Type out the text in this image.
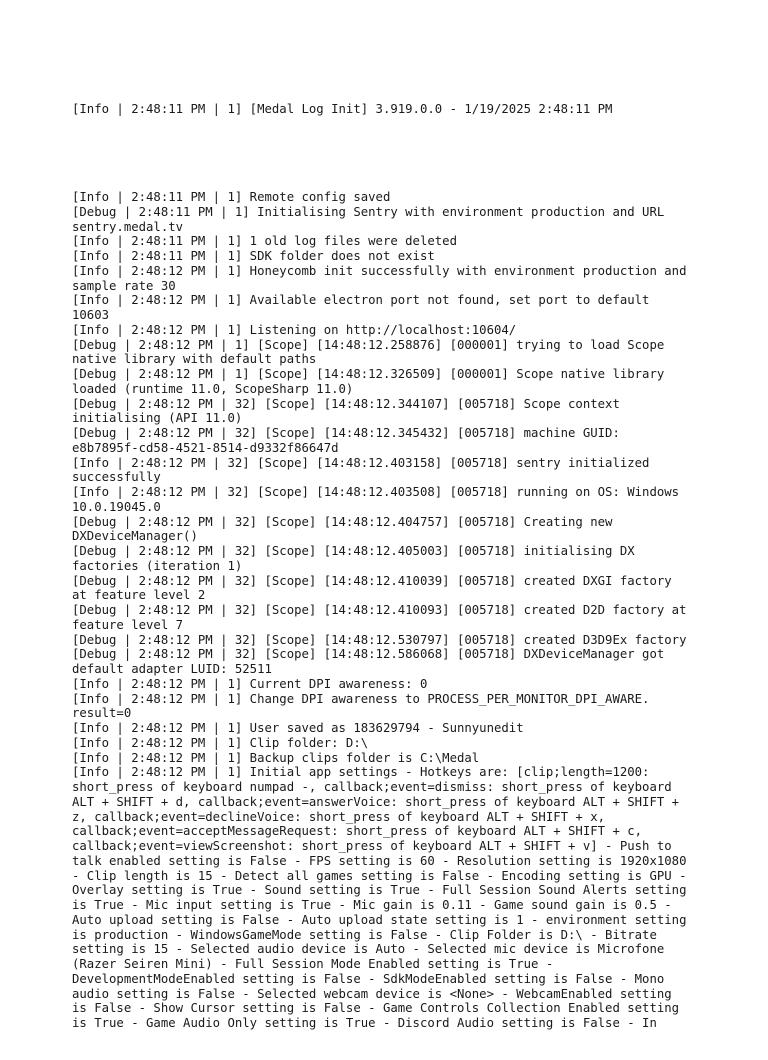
[Info | 2:48:11 PM | 1] [Medal Log Init] 3.919.0.0 - 1/19/2025 2:48:11 PM

[Info | 2:48:11 PM | 1] Remote config saved
[Debug | 2:48:11 PM | 1] Initialising Sentry with environment production and URL
sentry.medal.tv
[Info | 2:48:11 PM | 1] 1 old log files were deleted
[Info | 2:48:11 PM | 1] SDK folder does not exist
[Info | 2:48:12 PM | 1] Honeycomb init successfully with environment production and
sample rate 30
[Info | 2:48:12 PM | 1] Available electron port not found, set port to default
10603
[Info | 2:48:12 PM | 1] Listening on http://localhost:10604/
[Debug | 2:48:12 PM | 1] [Scope] [14:48:12.258876] [000001] trying to load Scope
native library with default paths
[Debug | 2:48:12 PM | 1] [Scope] [14:48:12.326509] [000001] Scope native library
loaded (runtime 11.0, ScopeSharp 11.0)
[Debug | 2:48:12 PM | 32] [Scope] [14:48:12.344107] [005718] Scope context
initialising (API 11.0)
[Debug | 2:48:12 PM | 32] [Scope] [14:48:12.345432] [005718] machine GUID:
e8b7895f-cd58-4521-8514-d9332f86647d
[Info | 2:48:12 PM | 32] [Scope] [14:48:12.403158] [005718] sentry initialized
successfully
[Info | 2:48:12 PM | 32] [Scope] [14:48:12.403508] [005718] running on OS: Windows
10.0.19045.0
[Debug | 2:48:12 PM | 32] [Scope] [14:48:12.404757] [005718] Creating new
DXDeviceManager()
[Debug | 2:48:12 PM | 32] [Scope] [14:48:12.405003] [005718] initialising DX
factories (iteration 1)
[Debug | 2:48:12 PM | 32] [Scope] [14:48:12.410039] [005718] created DXGI factory
at feature level 2
[Debug | 2:48:12 PM | 32] [Scope] [14:48:12.410093] [005718] created D2D factory at
feature level 7
[Debug | 2:48:12 PM | 32] [Scope] [14:48:12.530797] [005718] created D3D9Ex factory
[Debug | 2:48:12 PM | 32] [Scope] [14:48:12.586068] [005718] DXDeviceManager got
default adapter LUID: 52511
[Info | 2:48:12 PM | 1] Current DPI awareness: 0
[Info | 2:48:12 PM | 1] Change DPI awareness to PROCESS_PER_MONITOR_DPI_AWARE.
result=0
[Info | 2:48:12 PM | 1] User saved as 183629794 - Sunnyunedit
[Info | 2:48:12 PM | 1] Clip folder: D:\
[Info | 2:48:12 PM | 1] Backup clips folder is C:\Medal
[Info | 2:48:12 PM | 1] Initial app settings - Hotkeys are: [clip;length=1200:
short_press of keyboard numpad -, callback;event=dismiss: short_press of keyboard
ALT + SHIFT + d, callback;event=answerVoice: short_press of keyboard ALT + SHIFT +
z, callback;event=declineVoice: short_press of keyboard ALT + SHIFT + x,
callback;event=acceptMessageRequest: short_press of keyboard ALT + SHIFT + c,
callback;event=viewScreenshot: short_press of keyboard ALT + SHIFT + v] - Push to
talk enabled setting is False - FPS setting is 60 - Resolution setting is 1920x1080
- Clip length is 15 - Detect all games setting is False - Encoding setting is GPU -
Overlay setting is True - Sound setting is True - Full Session Sound Alerts setting
is True - Mic input setting is True - Mic gain is 0.11 - Game sound gain is 0.5 -
Auto upload setting is False - Auto upload state setting is 1 - environment setting
is production - WindowsGameMode setting is False - Clip Folder is D:\ - Bitrate
setting is 15 - Selected audio device is Auto - Selected mic device is Microfone
(Razer Seiren Mini) - Full Session Mode Enabled setting is True -
DevelopmentModeEnabled setting is False - SdkModeEnabled setting is False - Mono
audio setting is False - Selected webcam device is <None> - WebcamEnabled setting
is False - Show Cursor setting is False - Game Controls Collection Enabled setting
is True - Game Audio Only setting is True - Discord Audio setting is False - In
